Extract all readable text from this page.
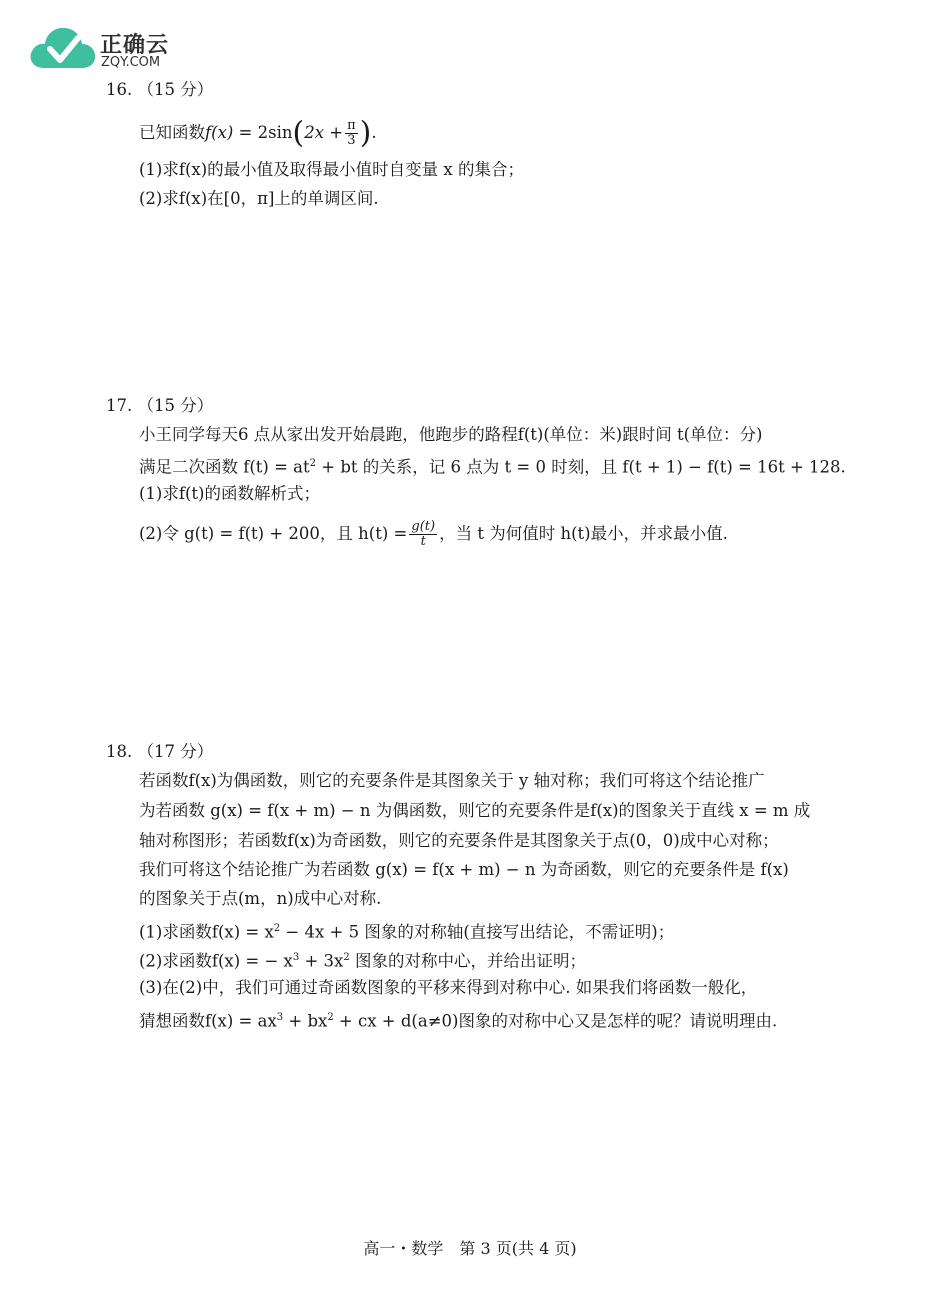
正确云
ZQY.COM
16. （15 分）
已知函数$f(x) = 2\sin(2x + \frac{\pi}{3}$ ).
(1)求f(x)的最小值及取得最小值时自变量 x 的集合；
(2)求f(x)在[0，π]上的单调区间.
17. （15 分）
小王同学每天6 点从家出发开始晨跑，他跑步的路程f(t)(单位：米)跟时间 t(单位：分)
满足二次函数 $f(t) = at^2$ + bt 的关系，记 6 点为 t = 0 时刻，且 f(t + 1) − f(t) = 16t + 128.
(1)求f(t)的函数解析式；
(2)令 g(t) = f(t) + 200，且 $h(t) = \frac{g(t)}{t}$ ，当 t 为何值时 h(t)最小，并求最小值.
18. （17 分）
若函数f(x)为偶函数，则它的充要条件是其图象关于 y 轴对称；我们可将这个结论推广
为若函数 g(x) = f(x + m) − n 为偶函数，则它的充要条件是f(x)的图象关于直线 x = m 成
轴对称图形；若函数f(x)为奇函数，则它的充要条件是其图象关于点(0，0)成中心对称；
我们可将这个结论推广为若函数 g(x) = f(x + m) − n 为奇函数，则它的充要条件是 f(x)
的图象关于点(m，n)成中心对称.
(1)求函数$f(x) = x^2 - 4x + 5$ 图象的对称轴(直接写出结论，不需证明)；
(2)求函数f(x) = − $x^3 + 3x^2$ 图象的对称中心，并给出证明；
(3)在(2)中，我们可通过奇函数图象的平移来得到对称中心. 如果我们将函数一般化，
猜想函数$f(x) = ax^3 + bx^2$ + cx + d(a≠0)图象的对称中心又是怎样的呢？请说明理由.
高一・数学　第 3 页(共 4 页)
